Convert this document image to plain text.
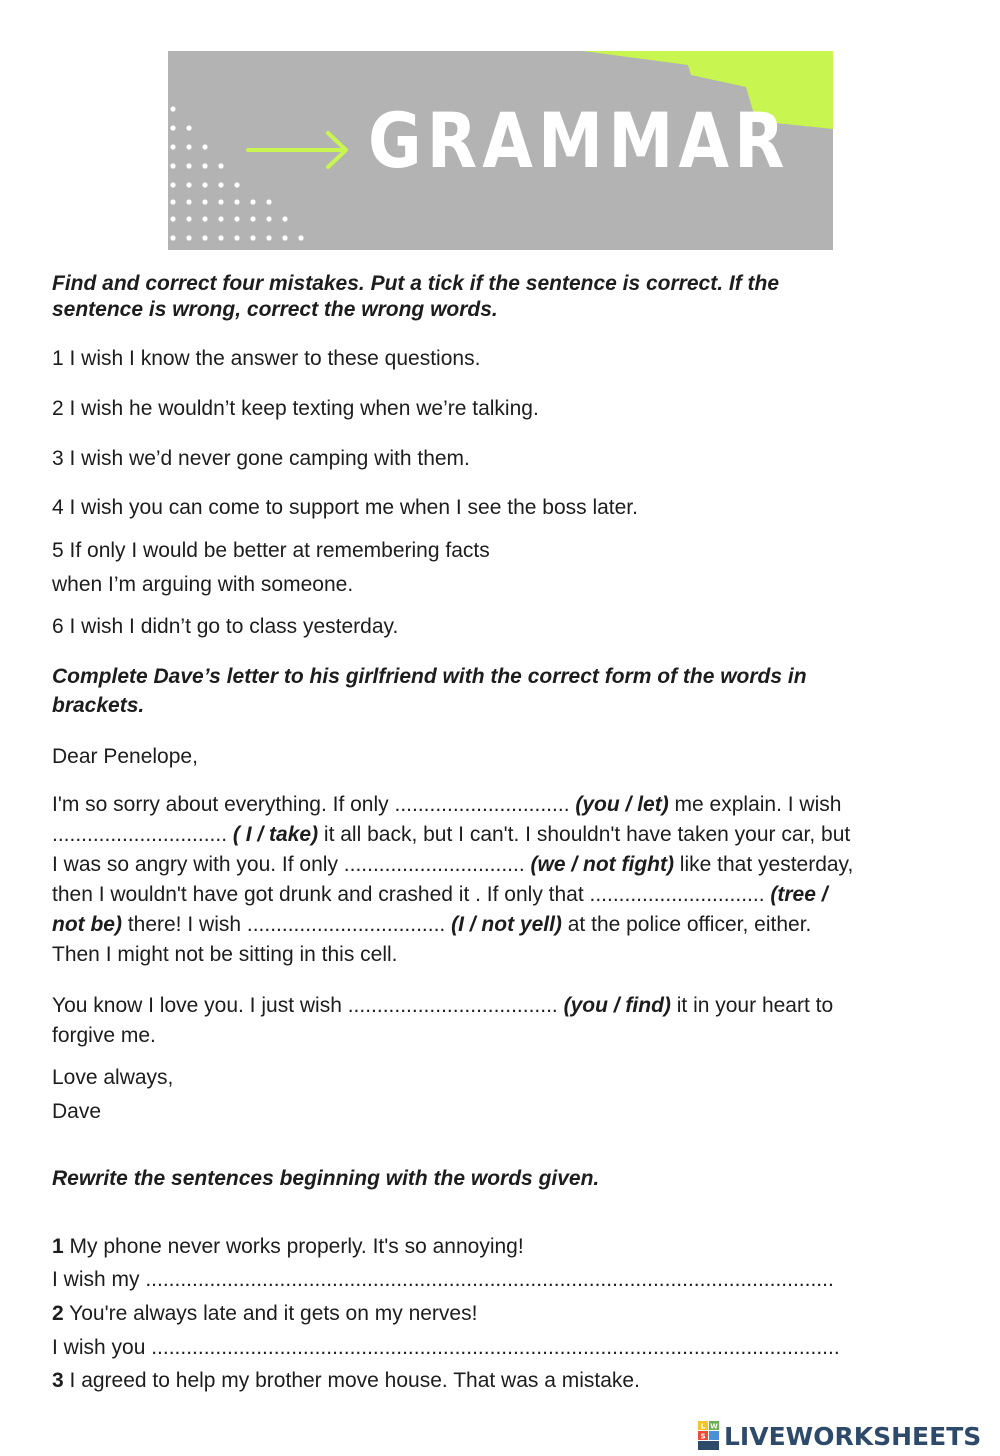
GRAMMAR
Find and correct four mistakes. Put a tick if the sentence is correct. If the
sentence is wrong, correct the wrong words.
1 I wish I know the answer to these questions.
2 I wish he wouldn’t keep texting when we’re talking.
3 I wish we’d never gone camping with them.
4 I wish you can come to support me when I see the boss later.
5 If only I would be better at remembering facts
when I’m arguing with someone.
6 I wish I didn’t go to class yesterday.
Complete Dave’s letter to his girlfriend with the correct form of the words in
brackets.
Dear Penelope,
I'm so sorry about everything. If only .............................. (you / let) me explain. I wish
.............................. ( I / take) it all back, but I can't. I shouldn't have taken your car, but
I was so angry with you. If only ............................... (we / not fight) like that yesterday,
then I wouldn't have got drunk and crashed it . If only that .............................. (tree /
not be) there! I wish .................................. (I / not yell) at the police officer, either.
Then I might not be sitting in this cell.
You know I love you. I just wish .................................... (you / find) it in your heart to
forgive me.
Love always,
Dave
Rewrite the sentences beginning with the words given.
1 My phone never works properly. It's so annoying!
I wish my ......................................................................................................................
2 You're always late and it gets on my nerves!
I wish you ......................................................................................................................
3 I agreed to help my brother move house. That was a mistake.
L W
S LIVEWORKSHEETS
